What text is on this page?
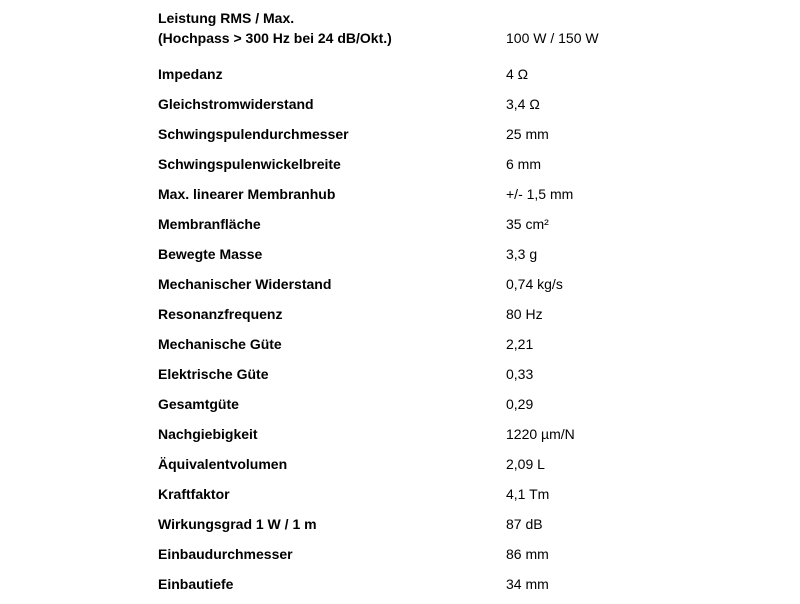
Leistung RMS / Max.
(Hochpass > 300 Hz bei 24 dB/Okt.)	100 W / 150 W
Impedanz	4 Ω
Gleichstromwiderstand	3,4 Ω
Schwingspulendurchmesser	25 mm
Schwingspulenwickelbreite	6 mm
Max. linearer Membranhub	+/- 1,5 mm
Membranfläche	35 cm²
Bewegte Masse	3,3 g
Mechanischer Widerstand	0,74 kg/s
Resonanzfrequenz	80 Hz
Mechanische Güte	2,21
Elektrische Güte	0,33
Gesamtgüte	0,29
Nachgiebigkeit	1220 µm/N
Äquivalentvolumen	2,09 L
Kraftfaktor	4,1 Tm
Wirkungsgrad 1 W / 1 m	87 dB
Einbaudurchmesser	86 mm
Einbautiefe	34 mm
